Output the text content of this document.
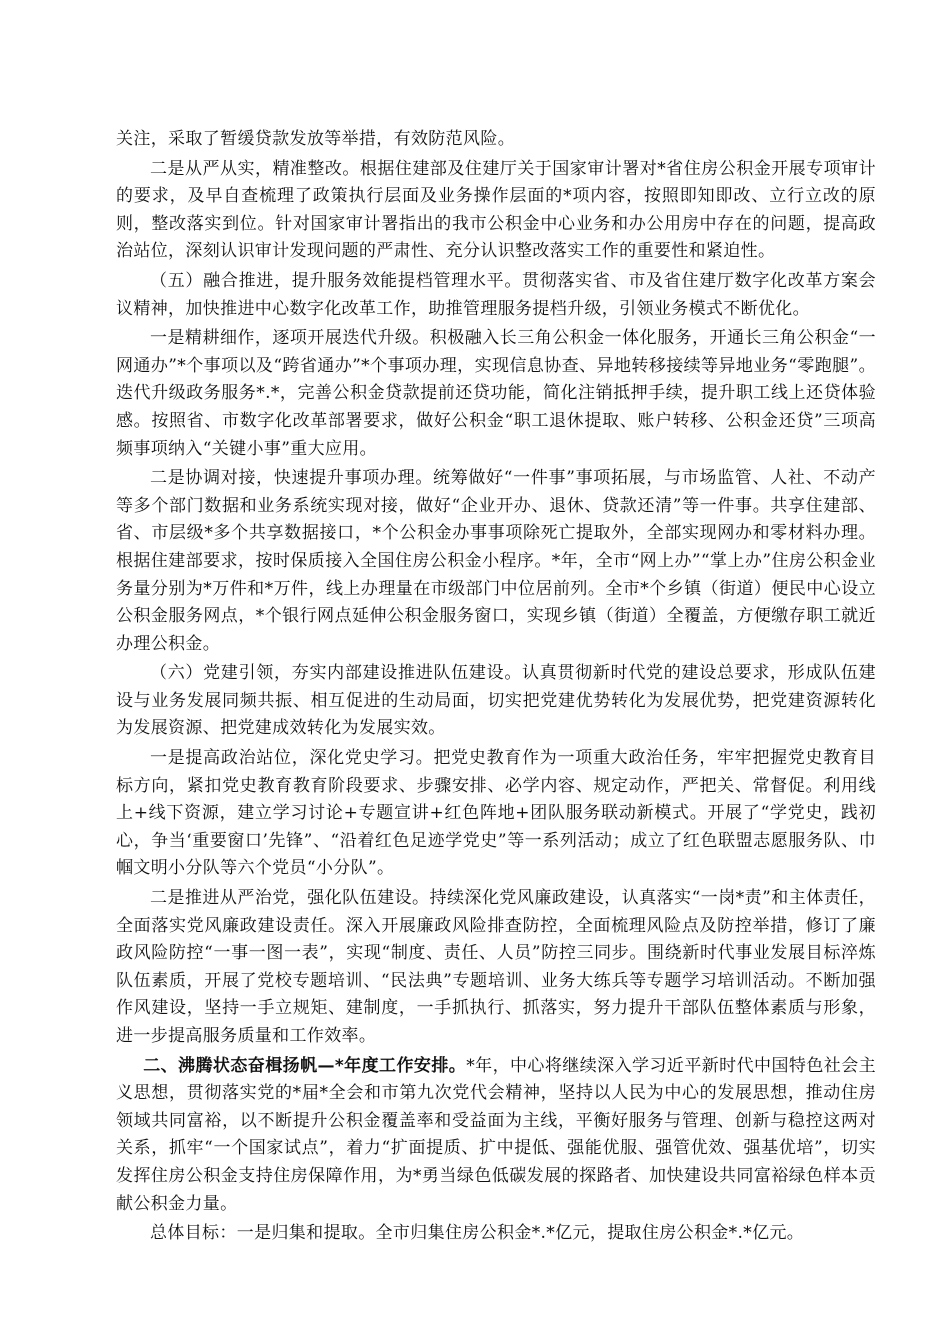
关注，采取了暂缓贷款发放等举措，有效防范风险。

二是从严从实，精准整改。根据住建部及住建厅关于国家审计署对*省住房公积金开展专项审计的要求，及早自查梳理了政策执行层面及业务操作层面的*项内容，按照即知即改、立行立改的原则，整改落实到位。针对国家审计署指出的我市公积金中心业务和办公用房中存在的问题，提高政治站位，深刻认识审计发现问题的严肃性、充分认识整改落实工作的重要性和紧迫性。

（五）融合推进，提升服务效能提档管理水平。贯彻落实省、市及省住建厅数字化改革方案会议精神，加快推进中心数字化改革工作，助推管理服务提档升级，引领业务模式不断优化。

一是精耕细作，逐项开展迭代升级。积极融入长三角公积金一体化服务，开通长三角公积金“一网通办”*个事项以及“跨省通办”*个事项办理，实现信息协查、异地转移接续等异地业务“零跑腿”。迭代升级政务服务*.*，完善公积金贷款提前还贷功能，简化注销抵押手续，提升职工线上还贷体验感。按照省、市数字化改革部署要求，做好公积金“职工退休提取、账户转移、公积金还贷”三项高频事项纳入“关键小事”重大应用。

二是协调对接，快速提升事项办理。统筹做好“一件事”事项拓展，与市场监管、人社、不动产等多个部门数据和业务系统实现对接，做好“企业开办、退休、贷款还清”等一件事。共享住建部、省、市层级*多个共享数据接口，*个公积金办事事项除死亡提取外，全部实现网办和零材料办理。根据住建部要求，按时保质接入全国住房公积金小程序。*年，全市“网上办”“掌上办”住房公积金业务量分别为*万件和*万件，线上办理量在市级部门中位居前列。全市*个乡镇（街道）便民中心设立公积金服务网点，*个银行网点延伸公积金服务窗口，实现乡镇（街道）全覆盖，方便缴存职工就近办理公积金。

（六）党建引领，夯实内部建设推进队伍建设。认真贯彻新时代党的建设总要求，形成队伍建设与业务发展同频共振、相互促进的生动局面，切实把党建优势转化为发展优势，把党建资源转化为发展资源、把党建成效转化为发展实效。

一是提高政治站位，深化党史学习。把党史教育作为一项重大政治任务，牢牢把握党史教育目标方向，紧扣党史教育教育阶段要求、步骤安排、必学内容、规定动作，严把关、常督促。利用线上+线下资源，建立学习讨论+专题宣讲+红色阵地+团队服务联动新模式。开展了“学党史，践初心，争当‘重要窗口’先锋”、“沿着红色足迹学党史”等一系列活动；成立了红色联盟志愿服务队、巾帼文明小分队等六个党员“小分队”。

二是推进从严治党，强化队伍建设。持续深化党风廉政建设，认真落实“一岗*责”和主体责任，全面落实党风廉政建设责任。深入开展廉政风险排查防控，全面梳理风险点及防控举措，修订了廉政风险防控“一事一图一表”，实现“制度、责任、人员”防控三同步。围绕新时代事业发展目标淬炼队伍素质，开展了党校专题培训、“民法典”专题培训、业务大练兵等专题学习培训活动。不断加强作风建设，坚持一手立规矩、建制度，一手抓执行、抓落实，努力提升干部队伍整体素质与形象，进一步提高服务质量和工作效率。

二、沸腾状态奋楫扬帆—*年度工作安排。*年，中心将继续深入学习近平新时代中国特色社会主义思想，贯彻落实党的*届*全会和市第九次党代会精神，坚持以人民为中心的发展思想，推动住房领域共同富裕，以不断提升公积金覆盖率和受益面为主线，平衡好服务与管理、创新与稳控这两对关系，抓牢“一个国家试点”，着力“扩面提质、扩中提低、强能优服、强管优效、强基优培”，切实发挥住房公积金支持住房保障作用，为*勇当绿色低碳发展的探路者、加快建设共同富裕绿色样本贡献公积金力量。

总体目标：一是归集和提取。全市归集住房公积金*.*亿元，提取住房公积金*.*亿元。
